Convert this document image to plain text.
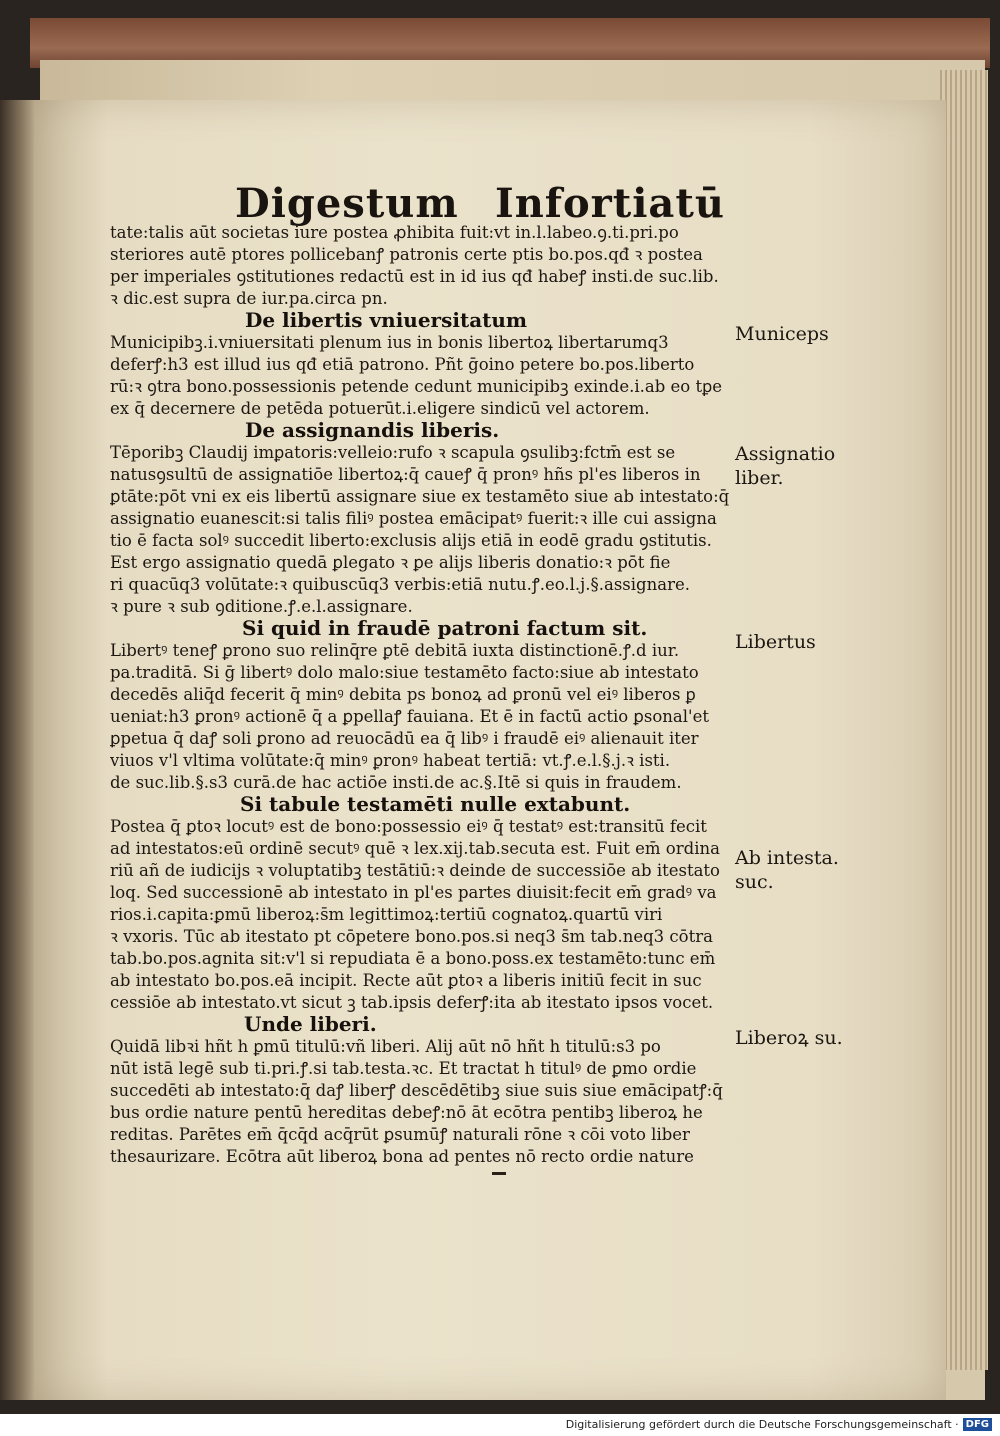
Digestum Infortiatū
tate:talis aūt societas iure postea ꝓhibita fuit:vt in.l.labeo.ꝯ.ti.pri.po
steriores autē ptores pollicebanꝭ patronis certe ptis bo.pos.qđ ꝛ postea
per imperiales ꝯstitutiones redactū est in id ius qđ habeꝭ insti.de suc.lib.
ꝛ dic.est supra de iur.pa.circa pn.
De libertis vniuersitatum
Municipibꝫ.i.vniuersitati plenum ius in bonis libertoꝝ libertarumq3
deferꝭ:h3 est illud ius qđ etiā patrono. Pñt ḡoino petere bo.pos.liberto
rū:ꝛ ꝯtra bono.possessionis petende cedunt municipibꝫ exinde.i.ab eo tꝑe
ex q̄ decernere de petēda potuerūt.i.eligere sindicū vel actorem.
Municeps
De assignandis liberis.
Tēporibꝫ Claudij imꝑatoris:velleio:rufo ꝛ scapula ꝯsulibꝫ:fctm̄ est se
natusꝯsultū de assignatiōe libertoꝝ:q̄ caueꝭ q̄ pronꝰ hñs pl'es liberos in
ꝑtāte:pōt vni ex eis libertū assignare siue ex testamēto siue ab intestato:q̄
assignatio euanescit:si talis filiꝰ postea emācipatꝰ fuerit:ꝛ ille cui assigna
tio ē facta solꝰ succedit liberto:exclusis alijs etiā in eodē gradu ꝯstitutis.
Est ergo assignatio quedā ꝑlegato ꝛ ꝑe alijs liberis donatio:ꝛ pōt fie
ri quacūq3 volūtate:ꝛ quibuscūq3 verbis:etiā nutu.ꝭ.eo.l.j.§.assignare.
ꝛ pure ꝛ sub ꝯditione.ꝭ.e.l.assignare.
Assignatio
liber.
Si quid in fraudē patroni factum sit.
Libertꝰ teneꝭ ꝑrono suo relinq̄re ꝑtē debitā iuxta distinctionē.ꝭ.d iur.
pa.traditā. Si ḡ libertꝰ dolo malo:siue testamēto facto:siue ab intestato
decedēs aliq̄d fecerit q̄ minꝰ debita ps bonoꝝ ad ꝑronū vel eiꝰ liberos ꝑ
ueniat:h3 ꝑronꝰ actionē q̄ a ꝑpellaꝭ fauiana. Et ē in factū actio ꝑsonal'et
ꝑpetua q̄ daꝭ soli ꝑrono ad reuocādū ea q̄ libꝰ i fraudē eiꝰ alienauit iter
viuos v'l vltima volūtate:q̄ minꝰ ꝑronꝰ habeat tertiā: vt.ꝭ.e.l.§.j.ꝛ isti.
de suc.lib.§.s3 curā.de hac actiōe insti.de ac.§.Itē si quis in fraudem.
Libertus
Si tabule testamēti nulle extabunt.
Postea q̄ ꝑtoꝛ locutꝰ est de bono:possessio eiꝰ q̄ testatꝰ est:transitū fecit
ad intestatos:eū ordinē secutꝰ quē ꝛ lex.xij.tab.secuta est. Fuit em̄ ordina
riū añ de iudicijs ꝛ voluptatibꝫ testātiū:ꝛ deinde de successiōe ab itestato
loq. Sed successionē ab intestato in pl'es partes diuisit:fecit em̄ gradꝰ va
rios.i.capita:ꝑmū liberoꝝ:s̄m legittimoꝝ:tertiū cognatoꝝ.quartū viri
ꝛ vxoris. Tūc ab itestato pt cōpetere bono.pos.si neq3 s̄m tab.neq3 cōtra
tab.bo.pos.agnita sit:v'l si repudiata ē a bono.poss.ex testamēto:tunc em̄
ab intestato bo.pos.eā incipit. Recte aūt ꝑtoꝛ a liberis initiū fecit in suc
cessiōe ab intestato.vt sicut ꝫ tab.ipsis deferꝭ:ita ab itestato ipsos vocet.
Ab intesta.
suc.
Unde liberi.
Quidā libꝛi hñt h ꝑmū titulū:vñ liberi. Alij aūt nō hñt h titulū:s3 po
nūt istā legē sub ti.pri.ꝭ.si tab.testa.ꝛc. Et tractat h titulꝰ de ꝑmo ordie
succedēti ab intestato:q̄ daꝭ liberꝭ descēdētibꝫ siue suis siue emācipatꝭ:q̄
bus ordie nature pentū hereditas debeꝭ:nō āt ecōtra pentibꝫ liberoꝝ he
reditas. Parētes em̄ q̄cq̄d acq̄rūt ꝑsumūꝭ naturali rōne ꝛ cōi voto liber
thesaurizare. Ecōtra aūt liberoꝝ bona ad pentes nō recto ordie nature
Liberoꝝ su.
Digitalisierung gefördert durch die Deutsche Forschungsgemeinschaft · DFG
